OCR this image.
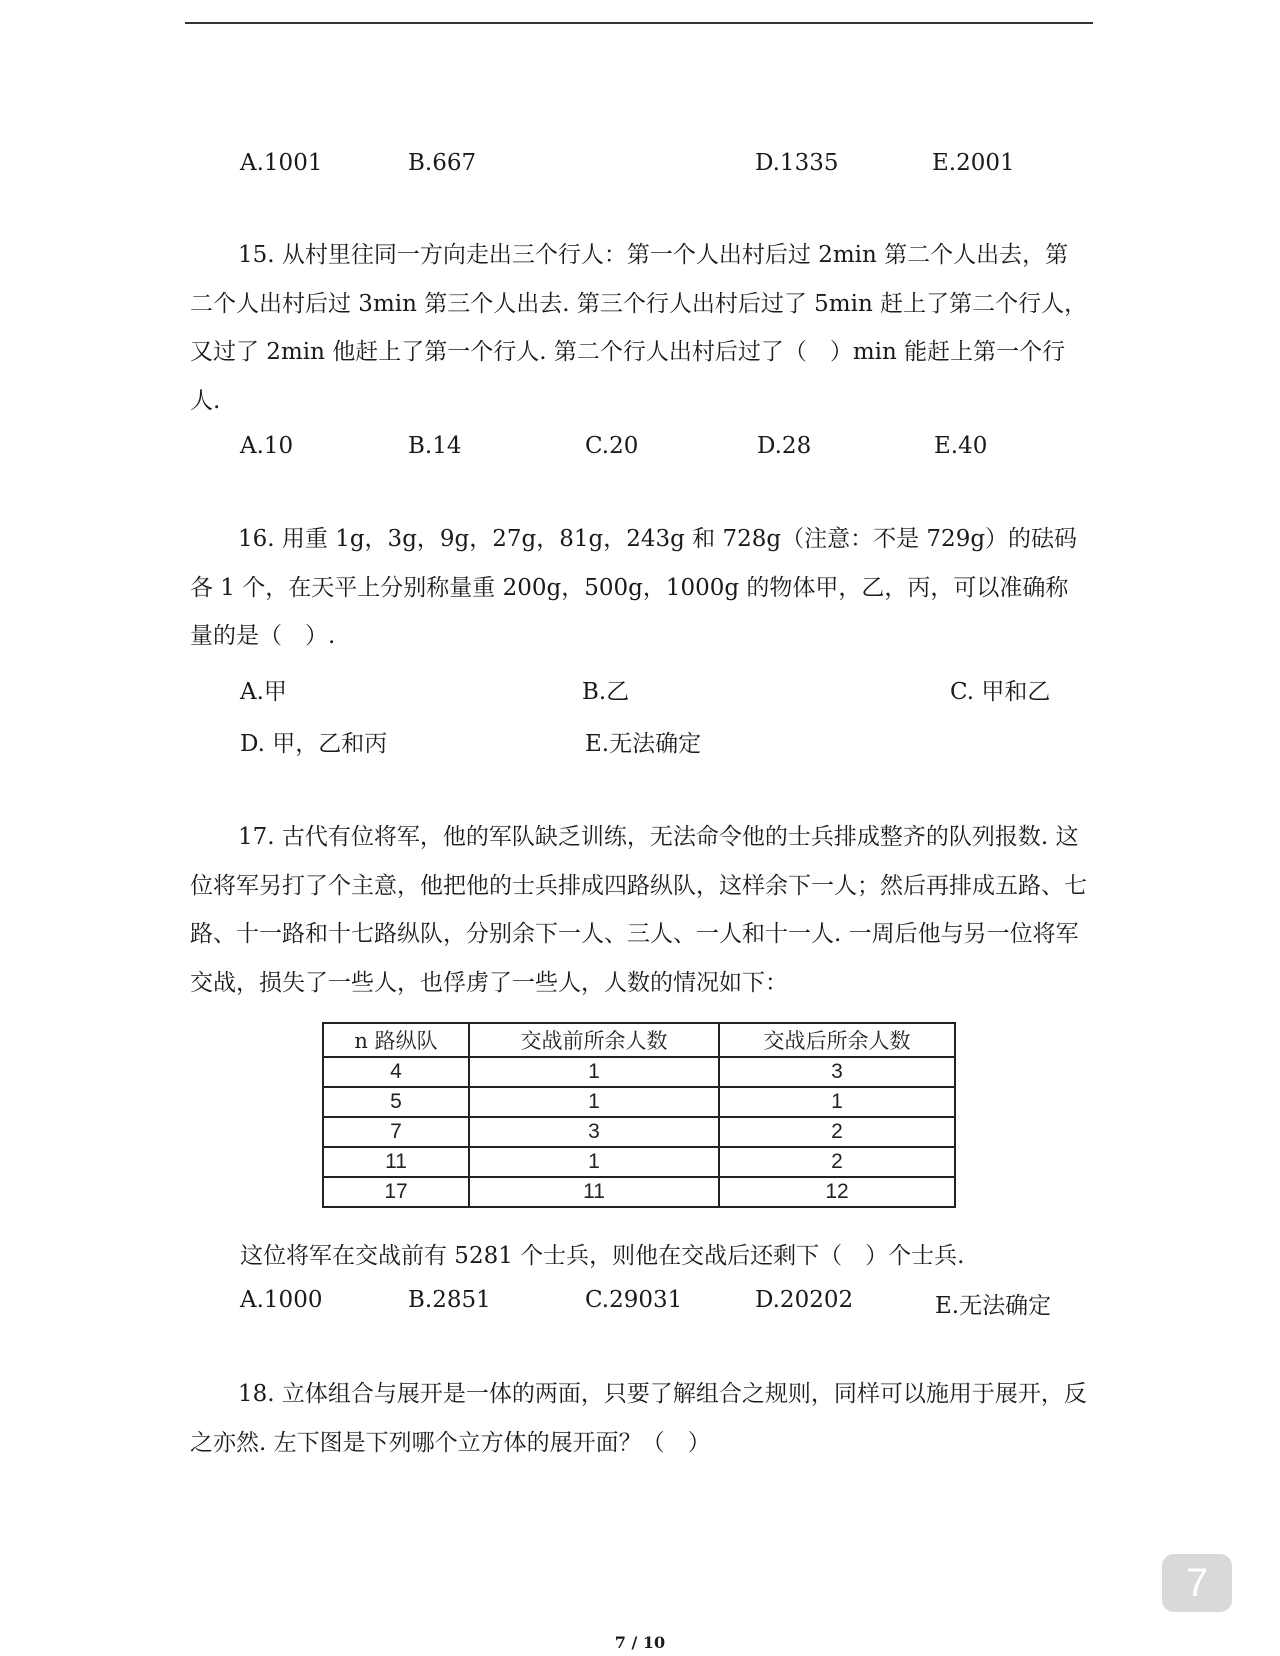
A.1001	B.667	D.1335	E.2001

15. 从村里往同一方向走出三个行人：第一个人出村后过 2min 第二个人出去，第二个人出村后过 3min 第三个人出去. 第三个行人出村后过了 5min 赶上了第二个行人，又过了 2min 他赶上了第一个行人. 第二个行人出村后过了（　）min 能赶上第一个行人.

A.10	B.14	C.20	D.28	E.40

16. 用重 1g，3g，9g，27g，81g，243g 和 728g（注意：不是 729g）的砝码各 1 个，在天平上分别称量重 200g，500g，1000g 的物体甲，乙，丙，可以准确称量的是（　）.

A.甲	B.乙	C. 甲和乙
D. 甲，乙和丙	E.无法确定

17. 古代有位将军，他的军队缺乏训练，无法命令他的士兵排成整齐的队列报数. 这位将军另打了个主意，他把他的士兵排成四路纵队，这样余下一人；然后再排成五路、七路、十一路和十七路纵队，分别余下一人、三人、一人和十一人. 一周后他与另一位将军交战，损失了一些人，也俘虏了一些人，人数的情况如下：

n 路纵队	交战前所余人数	交战后所余人数
4	1	3
5	1	1
7	3	2
11	1	2
17	11	12
这位将军在交战前有 5281 个士兵，则他在交战后还剩下（　）个士兵.
A.1000	B.2851	C.29031	D.20202	E.无法确定

18. 立体组合与展开是一体的两面，只要了解组合之规则，同样可以施用于展开，反之亦然. 左下图是下列哪个立方体的展开面？（　）

7
7 / 10
